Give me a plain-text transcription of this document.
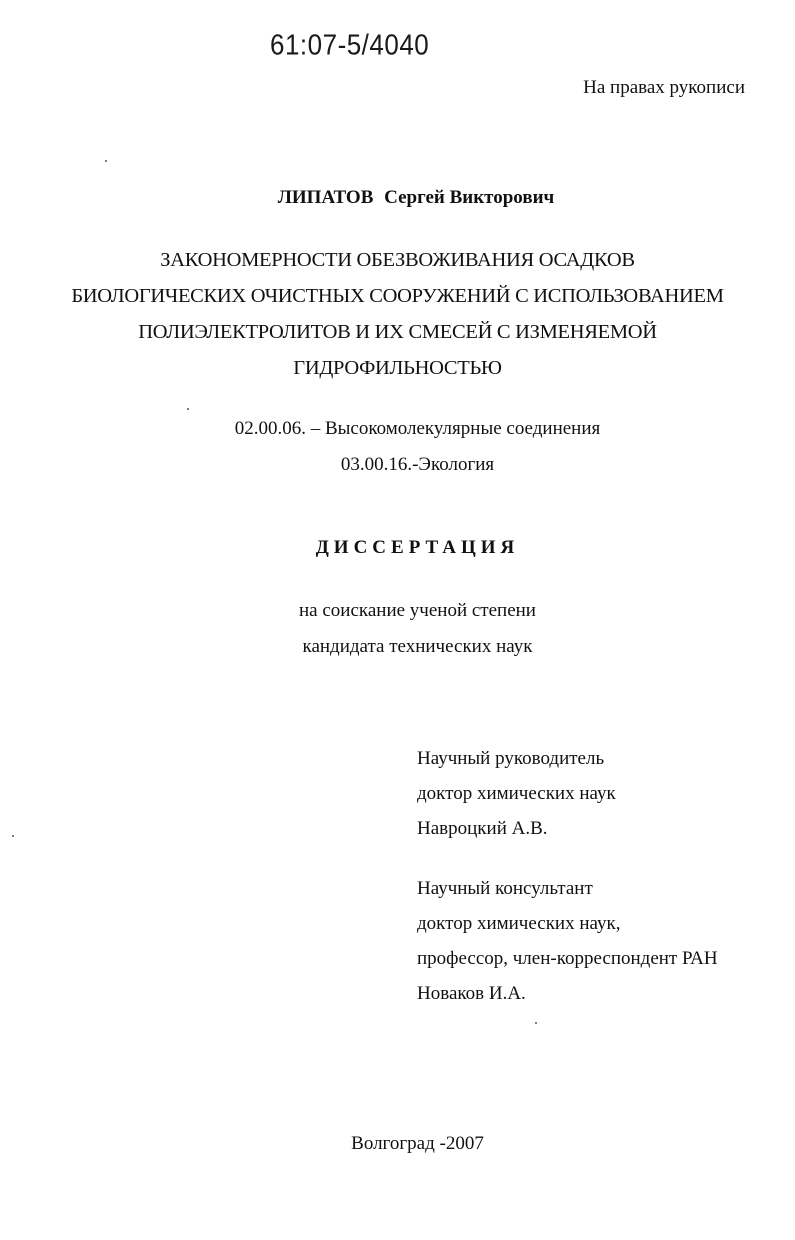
61:07-5/4040
На правах рукописи
ЛИПАТОВ Сергей Викторович
ЗАКОНОМЕРНОСТИ ОБЕЗВОЖИВАНИЯ ОСАДКОВ
БИОЛОГИЧЕСКИХ ОЧИСТНЫХ СООРУЖЕНИЙ С ИСПОЛЬЗОВАНИЕМ
ПОЛИЭЛЕКТРОЛИТОВ И ИХ СМЕСЕЙ С ИЗМЕНЯЕМОЙ
ГИДРОФИЛЬНОСТЬЮ
02.00.06. – Высокомолекулярные соединения
03.00.16.-Экология
ДИССЕРТАЦИЯ
на соискание ученой степени
кандидата технических наук
Научный руководитель
доктор химических наук
Навроцкий А.В.
Научный консультант
доктор химических наук,
профессор, член-корреспондент РАН
Новаков И.А.
Волгоград -2007
